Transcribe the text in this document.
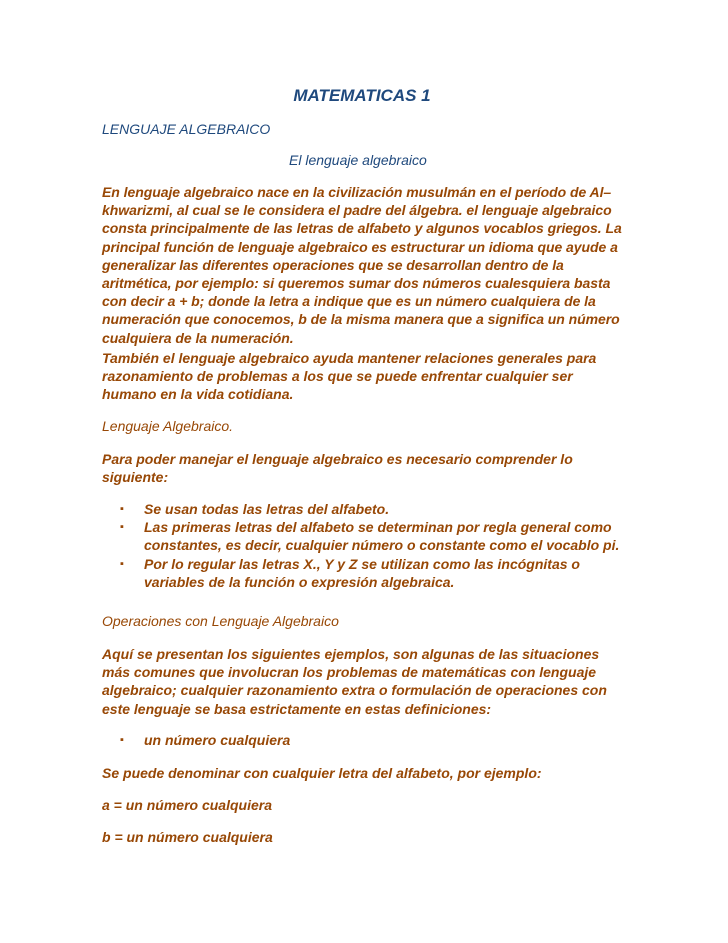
MATEMATICAS 1
LENGUAJE ALGEBRAICO
El lenguaje algebraico

En lenguaje algebraico nace en la civilización musulmán en el período de Al–khwarizmi, al cual se le considera el padre del álgebra. el lenguaje algebraico consta principalmente de las letras de alfabeto y algunos vocablos griegos. La principal función de lenguaje algebraico es estructurar un idioma que ayude a generalizar las diferentes operaciones que se desarrollan dentro de la aritmética, por ejemplo: si queremos sumar dos números cualesquiera basta con decir a + b; donde la letra a indique que es un número cualquiera de la numeración que conocemos, b de la misma manera que a significa un número cualquiera de la numeración.

También el lenguaje algebraico ayuda mantener relaciones generales para razonamiento de problemas a los que se puede enfrentar cualquier ser humano en la vida cotidiana.

Lenguaje Algebraico.

Para poder manejar el lenguaje algebraico es necesario comprender lo siguiente:

▪ Se usan todas las letras del alfabeto.
▪ Las primeras letras del alfabeto se determinan por regla general como constantes, es decir, cualquier número o constante como el vocablo pi.
▪ Por lo regular las letras X., Y y Z se utilizan como las incógnitas o variables de la función o expresión algebraica.
Operaciones con Lenguaje Algebraico

Aquí se presentan los siguientes ejemplos, son algunas de las situaciones más comunes que involucran los problemas de matemáticas con lenguaje algebraico; cualquier razonamiento extra o formulación de operaciones con este lenguaje se basa estrictamente en estas definiciones:

▪ un número cualquiera
Se puede denominar con cualquier letra del alfabeto, por ejemplo:
a = un número cualquiera
b = un número cualquiera
